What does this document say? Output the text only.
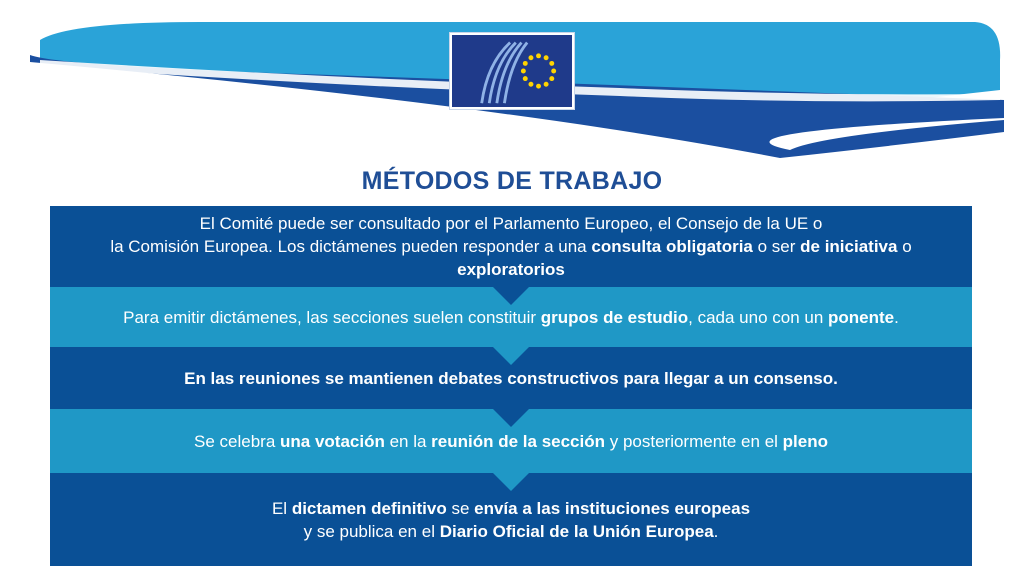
MÉTODOS DE TRABAJO
El Comité puede ser consultado por el Parlamento Europeo, el Consejo de la UE o
la Comisión Europea. Los dictámenes pueden responder a una consulta obligatoria o ser de iniciativa o
exploratorios
Para emitir dictámenes, las secciones suelen constituir grupos de estudio, cada uno con un ponente.
En las reuniones se mantienen debates constructivos para llegar a un consenso.
Se celebra una votación en la reunión de la sección y posteriormente en el pleno
El dictamen definitivo se envía a las instituciones europeas
y se publica en el Diario Oficial de la Unión Europea.
